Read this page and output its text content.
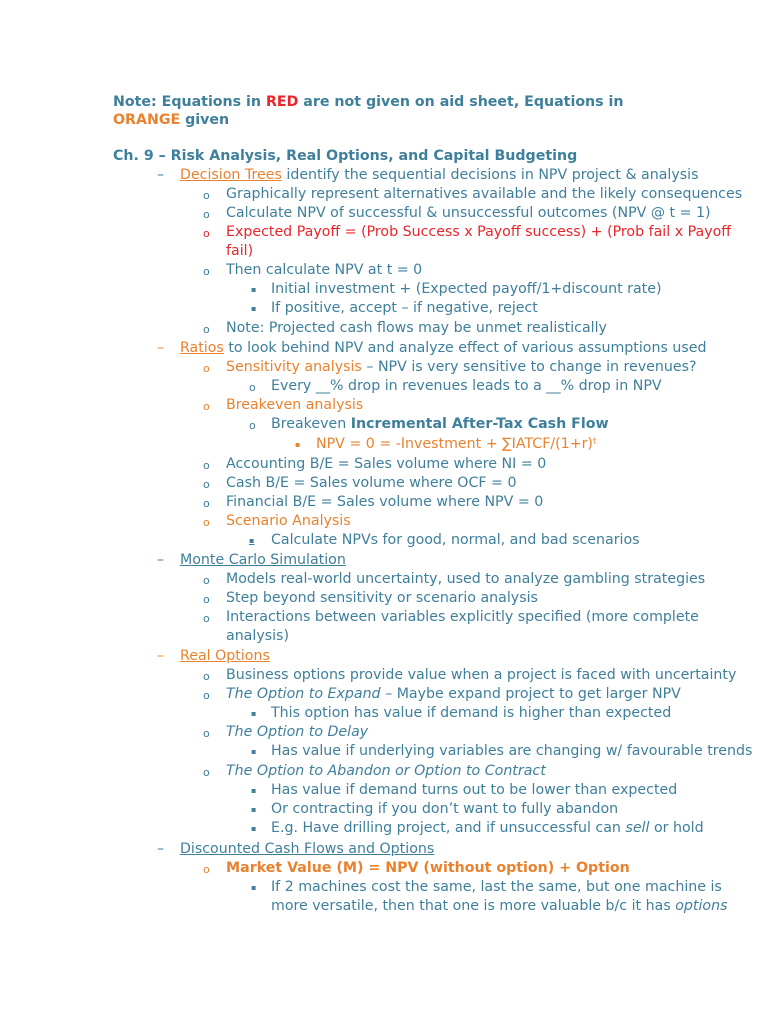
Note: Equations in RED are not given on aid sheet, Equations in
ORANGE given
Ch. 9 – Risk Analysis, Real Options, and Capital Budgeting
– Decision Trees identify the sequential decisions in NPV project & analysis
o Graphically represent alternatives available and the likely consequences
o Calculate NPV of successful & unsuccessful outcomes (NPV @ t = 1)
o Expected Payoff = (Prob Success x Payoff success) + (Prob fail x Payoff
fail)
o Then calculate NPV at t = 0
▪ Initial investment + (Expected payoff/1+discount rate)
▪ If positive, accept – if negative, reject
o Note: Projected cash flows may be unmet realistically
– Ratios to look behind NPV and analyze effect of various assumptions used
o Sensitivity analysis – NPV is very sensitive to change in revenues?
o Every __% drop in revenues leads to a __% drop in NPV
o Breakeven analysis
o Breakeven Incremental After-Tax Cash Flow
▪ NPV = 0 = -Investment + ∑IATCF/(1+r)ᵗ
o Accounting B/E = Sales volume where NI = 0
o Cash B/E = Sales volume where OCF = 0
o Financial B/E = Sales volume where NPV = 0
o Scenario Analysis
▪ Calculate NPVs for good, normal, and bad scenarios
– Monte Carlo Simulation
o Models real-world uncertainty, used to analyze gambling strategies
o Step beyond sensitivity or scenario analysis
o Interactions between variables explicitly specified (more complete
analysis)
– Real Options
o Business options provide value when a project is faced with uncertainty
o The Option to Expand – Maybe expand project to get larger NPV
▪ This option has value if demand is higher than expected
o The Option to Delay
▪ Has value if underlying variables are changing w/ favourable trends
o The Option to Abandon or Option to Contract
▪ Has value if demand turns out to be lower than expected
▪ Or contracting if you don’t want to fully abandon
▪ E.g. Have drilling project, and if unsuccessful can sell or hold
– Discounted Cash Flows and Options
o Market Value (M) = NPV (without option) + Option
▪ If 2 machines cost the same, last the same, but one machine is
more versatile, then that one is more valuable b/c it has options
